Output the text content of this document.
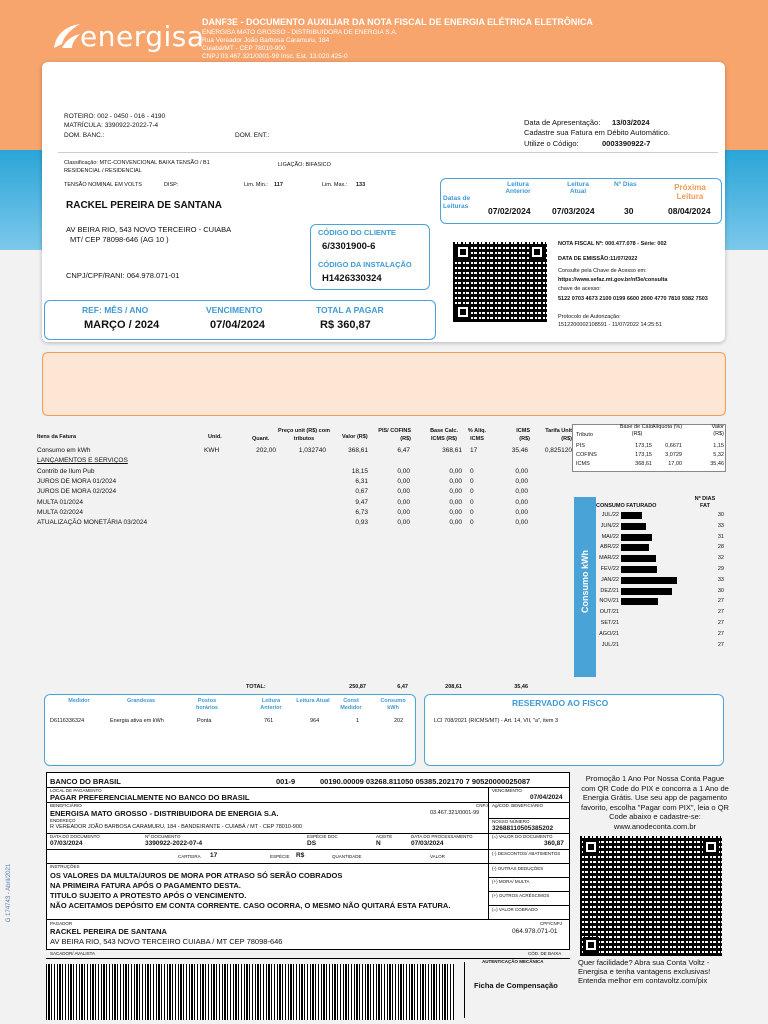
energisa
DANF3E - DOCUMENTO AUXILIAR DA NOTA FISCAL DE ENERGIA ELÉTRICA ELETRÔNICA
ENERGISA MATO GROSSO - DISTRIBUIDORA DE ENERGIA S.A.
Rua Vereador João Barbosa Caramuru, 184
Cuiabá/MT - CEP 78010-900
CNPJ 03.467.321/0001-99 Insc. Est. 13.020.425-0
ROTEIRO: 002 - 0450 - 016 - 4190
MATRÍCULA: 3390922-2022-7-4
DOM. BANC.:	DOM. ENT.:
Data de Apresentação: 13/03/2024
Cadastre sua Fatura em Débito Automático.
Utilize o Código:	0003390922-7
Classificação: MTC-CONVENCIONAL BAIXA TENSÃO / B1
RESIDENCIAL / RESIDENCIAL
LIGAÇÃO: BIFASICO
TENSÃO NOMINAL EM VOLTS	DISP:	Lim. Min.: 117	Lim. Max.: 133
Datas de Leituras
Leitura Anterior
Leitura Atual
Nº Dias	Próxima Leitura
07/02/2024	07/03/2024	30	08/04/2024
RACKEL PEREIRA DE SANTANA
AV BEIRA RIO, 543 NOVO TERCEIRO - CUIABA
MT/ CEP 78098-646 (AG 10 )
CNPJ/CPF/RANI: 064.978.071-01
CÓDIGO DO CLIENTE
6/3301900-6
CÓDIGO DA INSTALAÇÃO
H1426330324
NOTA FISCAL Nº: 000.477.078 - Série: 002
DATA DE EMISSÃO:11/07/2022
Consulte pela Chave de Acesso em:
https://www.sefaz.mt.gov.br/nf3e/consulta
chave de acesso:
5122 0703 4673 2100 0199 6600 2000 4770 7810 9382 7503
Protocolo de Autorização:
1512200002108591 - 11/07/2022 14:25:51
REF: MÊS / ANO	VENCIMENTO	TOTAL A PAGAR
MARÇO / 2024	07/04/2024	R$ 360,87
Itens da Fatura	Unid.	Quant.
Preço unit (R$) com tributos	Valor (R$)
PIS/ COFINS (R$)
Base Calc. ICMS (R$)
% Alíq. ICMS
ICMS (R$)
Tarifa Unit (R$)
Consumo em kWh	KWH	202,00	1,032740	368,61	6,47	368,61 17	35,46	0,825120
LANÇAMENTOS E SERVIÇOS
Contrib de Ilum Pub	18,15	0,00	0,00 0	0,00
JUROS DE MORA 01/2024	6,31	0,00	0,00 0	0,00
JUROS DE MORA 02/2024	0,67	0,00	0,00 0	0,00
MULTA 01/2024	9,47	0,00	0,00 0	0,00
MULTA 02/2024	6,73	0,00	0,00 0	0,00
ATUALIZAÇÃO MONETÁRIA 03/2024	0,93	0,00	0,00 0	0,00
TOTAL:	250,87	6,47	208,61	35,46
Tributo
Base de Cálc.(R$)
Alíquota (%)	Valor (R$)
PIS	173,15	0,6671	1,15
COFINS	173,15	3,0729	5,32
ICMS	368,61	17,00	35,46
Consumo kWh
CONSUMO FATURADO
Nº DIAS FAT
JUL/22	30
JUN/22	33
MAI/22	31
ABR/22	28
MAR/22	32
FEV/22	29
JAN/22	33
DEZ/21	30
NOV/21	27
OUT/21	27
SET/21	27
AGO/21	27
JUL/21	27
Medidor	Grandezas	Postos horários
Leitura Anterior
Leitura Atual	Const Medidor
Consumo kWh
D6116336324	Energia ativa em kWh	Ponta	761	964	1	202
RESERVADO AO FISCO
LCI 708/2021 (RICMS/MT) - Art. 14, VII, "a", item 3
BANCO DO BRASIL	001-9	00190.00009 03268.811050 05385.202170 7 90520000025087
LOCAL DE PAGAMENTO
PAGAR PREFERENCIALMENTE NO BANCO DO BRASIL
VENCIMENTO
07/04/2024
BENEFICIÁRIO
ENERGISA MATO GROSSO - DISTRIBUIDORA DE ENERGIA S.A.
CNPJ
03.467.321/0001-99
Ag/COD. BENEFICIÁRIO
ENDEREÇO
R VEREADOR JOÃO BARBOSA CARAMURU, 184 - BANDEIRANTE - CUIABÁ / MT - CEP 78010-900
NOSSO NÚMERO
32688110505385202
DATA DO DOCUMENTO
07/03/2024
Nº DOCUMENTO
3390922-2022-07-4
ESPÉCIE DOC
DS
ACEITE
N
DATA DO PROCESSAMENTO
07/03/2024
(=) VALOR DO DOCUMENTO
360,87
CARTEIRA 17	ESPÉCIE R$	QUANTIDADE	VALOR
(-) DESCONTOS/ ABATIMENTOS
INSTRUÇÕES
OS VALORES DA MULTA/JUROS DE MORA POR ATRASO SÓ SERÃO COBRADOS
NA PRIMEIRA FATURA APÓS O PAGAMENTO DESTA.
TITULO SUJEITO A PROTESTO APÓS O VENCIMENTO.
NÃO ACEITAMOS DEPÓSITO EM CONTA CORRENTE. CASO OCORRA, O MESMO NÃO QUITARÁ ESTA FATURA.
(-) OUTRAS DEDUÇÕES
(+) MORA/ MULTA
(+) OUTROS ACRÉSCIMOS
(=) VALOR COBRADO
PAGADOR
RACKEL PEREIRA DE SANTANA
AV BEIRA RIO, 543 NOVO TERCEIRO CUIABA / MT CEP 78098-646
CPF/CNPJ
064.978.071-01
SACADOR/ AVALISTA	CÓD. DE BAIXA
AUTENTICAÇÃO MECÂNICA
Ficha de Compensação
G 174743 - Abril/2021
Promoção 1 Ano Por Nossa Conta Pague com QR Code do PIX e concorra a 1 Ano de Energia Grátis. Use seu app de pagamento favorito, escolha "Pagar com PIX", leia o QR Code abaixo e cadastre-se: www.anodeconta.com.br
Quer facilidade? Abra sua Conta Voltz - Energisa e tenha vantagens exclusivas! Entenda melhor em contavoltz.com/pix
